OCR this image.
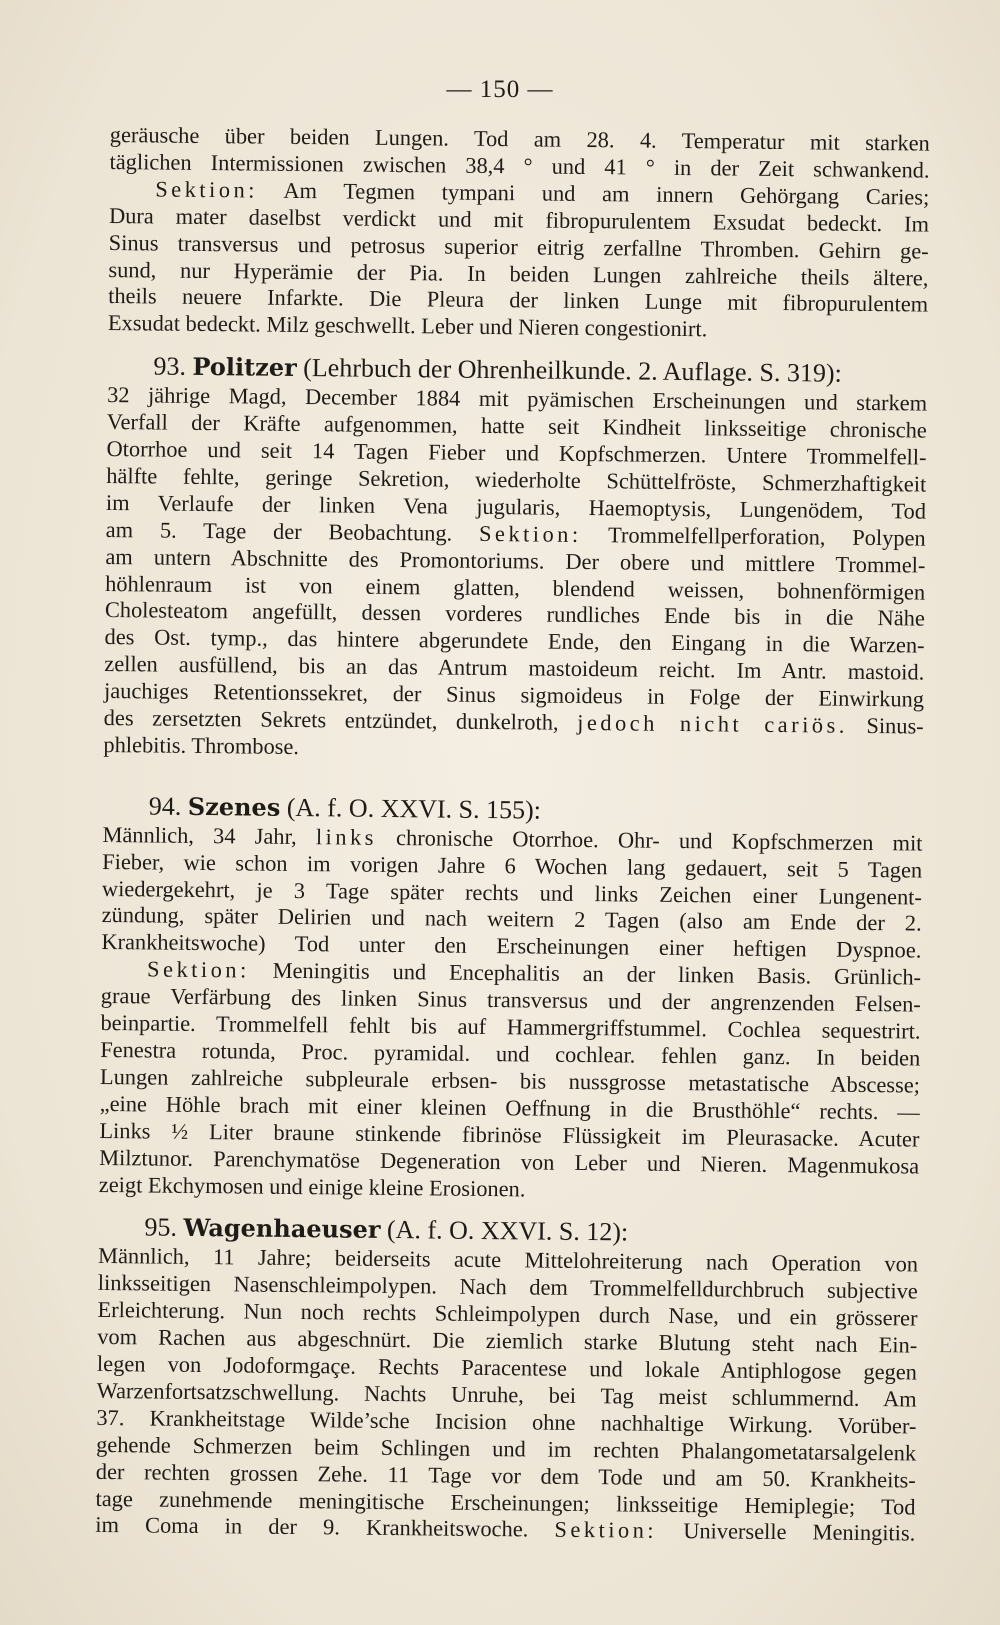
— 150 —
geräusche über beiden Lungen. Tod am 28. 4. Temperatur mit starken
täglichen Intermissionen zwischen 38,4 ° und 41 ° in der Zeit schwankend.
Sektion: Am Tegmen tympani und am innern Gehörgang Caries;
Dura mater daselbst verdickt und mit fibropurulentem Exsudat bedeckt. Im
Sinus transversus und petrosus superior eitrig zerfallne Thromben. Gehirn ge-
sund, nur Hyperämie der Pia. In beiden Lungen zahlreiche theils ältere,
theils neuere Infarkte. Die Pleura der linken Lunge mit fibropurulentem
Exsudat bedeckt. Milz geschwellt. Leber und Nieren congestionirt.
93. Politzer (Lehrbuch der Ohrenheilkunde. 2. Auflage. S. 319):
32 jährige Magd, December 1884 mit pyämischen Erscheinungen und starkem
Verfall der Kräfte aufgenommen, hatte seit Kindheit linksseitige chronische
Otorrhoe und seit 14 Tagen Fieber und Kopfschmerzen. Untere Trommelfell-
hälfte fehlte, geringe Sekretion, wiederholte Schüttelfröste, Schmerzhaftigkeit
im Verlaufe der linken Vena jugularis, Haemoptysis, Lungenödem, Tod
am 5. Tage der Beobachtung. Sektion: Trommelfellperforation, Polypen
am untern Abschnitte des Promontoriums. Der obere und mittlere Trommel-
höhlenraum ist von einem glatten, blendend weissen, bohnenförmigen
Cholesteatom angefüllt, dessen vorderes rundliches Ende bis in die Nähe
des Ost. tymp., das hintere abgerundete Ende, den Eingang in die Warzen-
zellen ausfüllend, bis an das Antrum mastoideum reicht. Im Antr. mastoid.
jauchiges Retentionssekret, der Sinus sigmoideus in Folge der Einwirkung
des zersetzten Sekrets entzündet, dunkelroth, jedoch nicht cariös. Sinus-
phlebitis. Thrombose.
94. Szenes (A. f. O. XXVI. S. 155):
Männlich, 34 Jahr, links chronische Otorrhoe. Ohr- und Kopfschmerzen mit
Fieber, wie schon im vorigen Jahre 6 Wochen lang gedauert, seit 5 Tagen
wiedergekehrt, je 3 Tage später rechts und links Zeichen einer Lungenent-
zündung, später Delirien und nach weitern 2 Tagen (also am Ende der 2.
Krankheitswoche) Tod unter den Erscheinungen einer heftigen Dyspnoe.
Sektion: Meningitis und Encephalitis an der linken Basis. Grünlich-
graue Verfärbung des linken Sinus transversus und der angrenzenden Felsen-
beinpartie. Trommelfell fehlt bis auf Hammergriffstummel. Cochlea sequestrirt.
Fenestra rotunda, Proc. pyramidal. und cochlear. fehlen ganz. In beiden
Lungen zahlreiche subpleurale erbsen- bis nussgrosse metastatische Abscesse;
„eine Höhle brach mit einer kleinen Oeffnung in die Brusthöhle“ rechts. —
Links ½ Liter braune stinkende fibrinöse Flüssigkeit im Pleurasacke. Acuter
Milztunor. Parenchymatöse Degeneration von Leber und Nieren. Magenmukosa
zeigt Ekchymosen und einige kleine Erosionen.
95. Wagenhaeuser (A. f. O. XXVI. S. 12):
Männlich, 11 Jahre; beiderseits acute Mittelohreiterung nach Operation von
linksseitigen Nasenschleimpolypen. Nach dem Trommelfelldurchbruch subjective
Erleichterung. Nun noch rechts Schleimpolypen durch Nase, und ein grösserer
vom Rachen aus abgeschnürt. Die ziemlich starke Blutung steht nach Ein-
legen von Jodoformgaçe. Rechts Paracentese und lokale Antiphlogose gegen
Warzenfortsatzschwellung. Nachts Unruhe, bei Tag meist schlummernd. Am
37. Krankheitstage Wilde’sche Incision ohne nachhaltige Wirkung. Vorüber-
gehende Schmerzen beim Schlingen und im rechten Phalangometatarsalgelenk
der rechten grossen Zehe. 11 Tage vor dem Tode und am 50. Krankheits-
tage zunehmende meningitische Erscheinungen; linksseitige Hemiplegie; Tod
im Coma in der 9. Krankheitswoche. Sektion: Universelle Meningitis.
